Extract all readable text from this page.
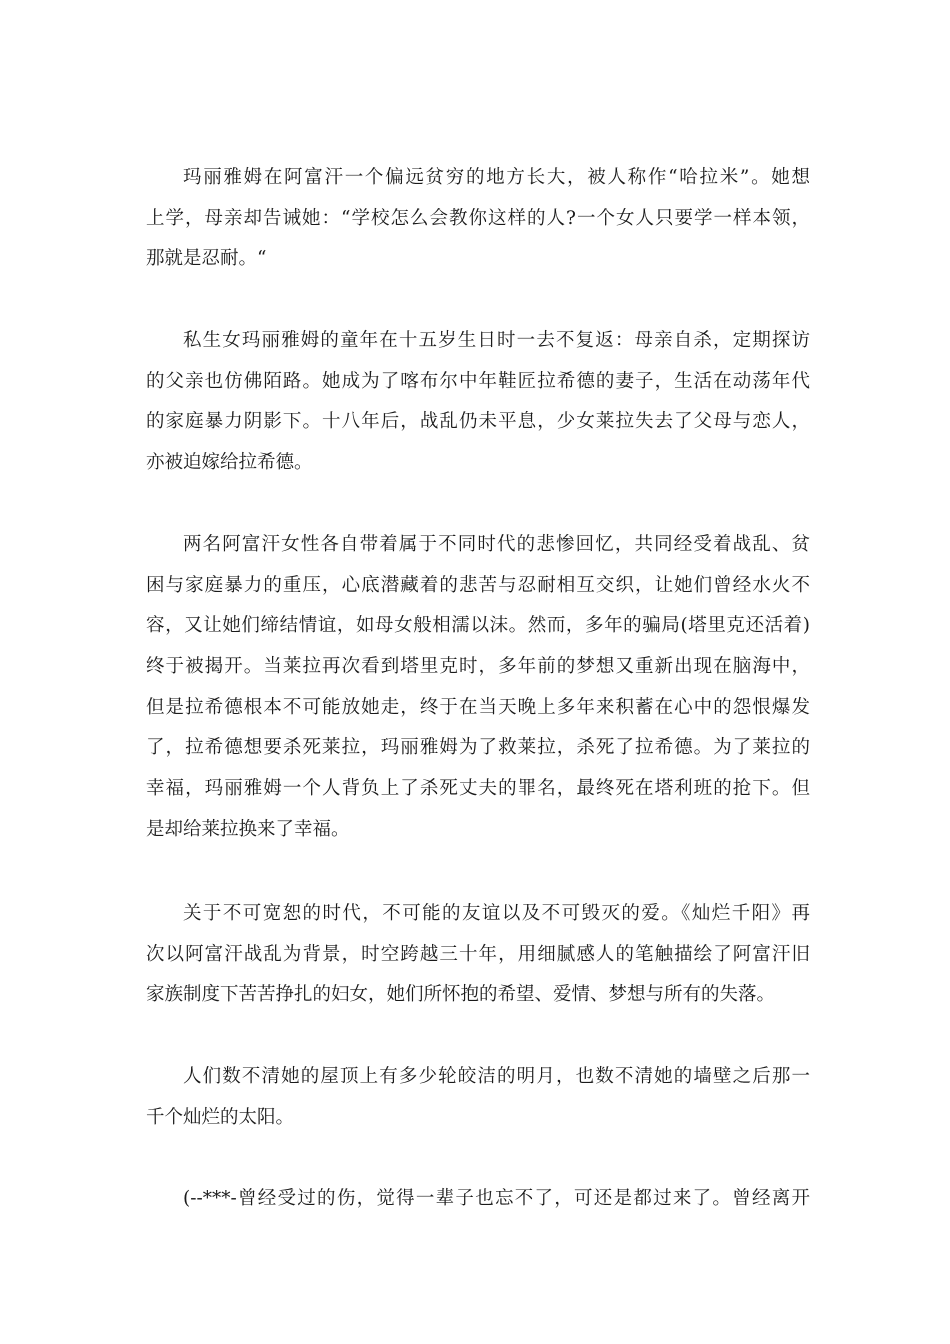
玛丽雅姆在阿富汗一个偏远贫穷的地方长大，被人称作“哈拉米”。她想
上学，母亲却告诫她：“学校怎么会教你这样的人?一个女人只要学一样本领，
那就是忍耐。“
私生女玛丽雅姆的童年在十五岁生日时一去不复返：母亲自杀，定期探访
的父亲也仿佛陌路。她成为了喀布尔中年鞋匠拉希德的妻子，生活在动荡年代
的家庭暴力阴影下。十八年后，战乱仍未平息，少女莱拉失去了父母与恋人，
亦被迫嫁给拉希德。
两名阿富汗女性各自带着属于不同时代的悲惨回忆，共同经受着战乱、贫
困与家庭暴力的重压，心底潜藏着的悲苦与忍耐相互交织，让她们曾经水火不
容，又让她们缔结情谊，如母女般相濡以沫。然而，多年的骗局(塔里克还活着)
终于被揭开。当莱拉再次看到塔里克时，多年前的梦想又重新出现在脑海中，
但是拉希德根本不可能放她走，终于在当天晚上多年来积蓄在心中的怨恨爆发
了，拉希德想要杀死莱拉，玛丽雅姆为了救莱拉，杀死了拉希德。为了莱拉的
幸福，玛丽雅姆一个人背负上了杀死丈夫的罪名，最终死在塔利班的抢下。但
是却给莱拉换来了幸福。
关于不可宽恕的时代，不可能的友谊以及不可毁灭的爱。《灿烂千阳》再
次以阿富汗战乱为背景，时空跨越三十年，用细腻感人的笔触描绘了阿富汗旧
家族制度下苦苦挣扎的妇女，她们所怀抱的希望、爱情、梦想与所有的失落。
人们数不清她的屋顶上有多少轮皎洁的明月，也数不清她的墙壁之后那一
千个灿烂的太阳。
(--***-曾经受过的伤，觉得一辈子也忘不了，可还是都过来了。曾经离开
